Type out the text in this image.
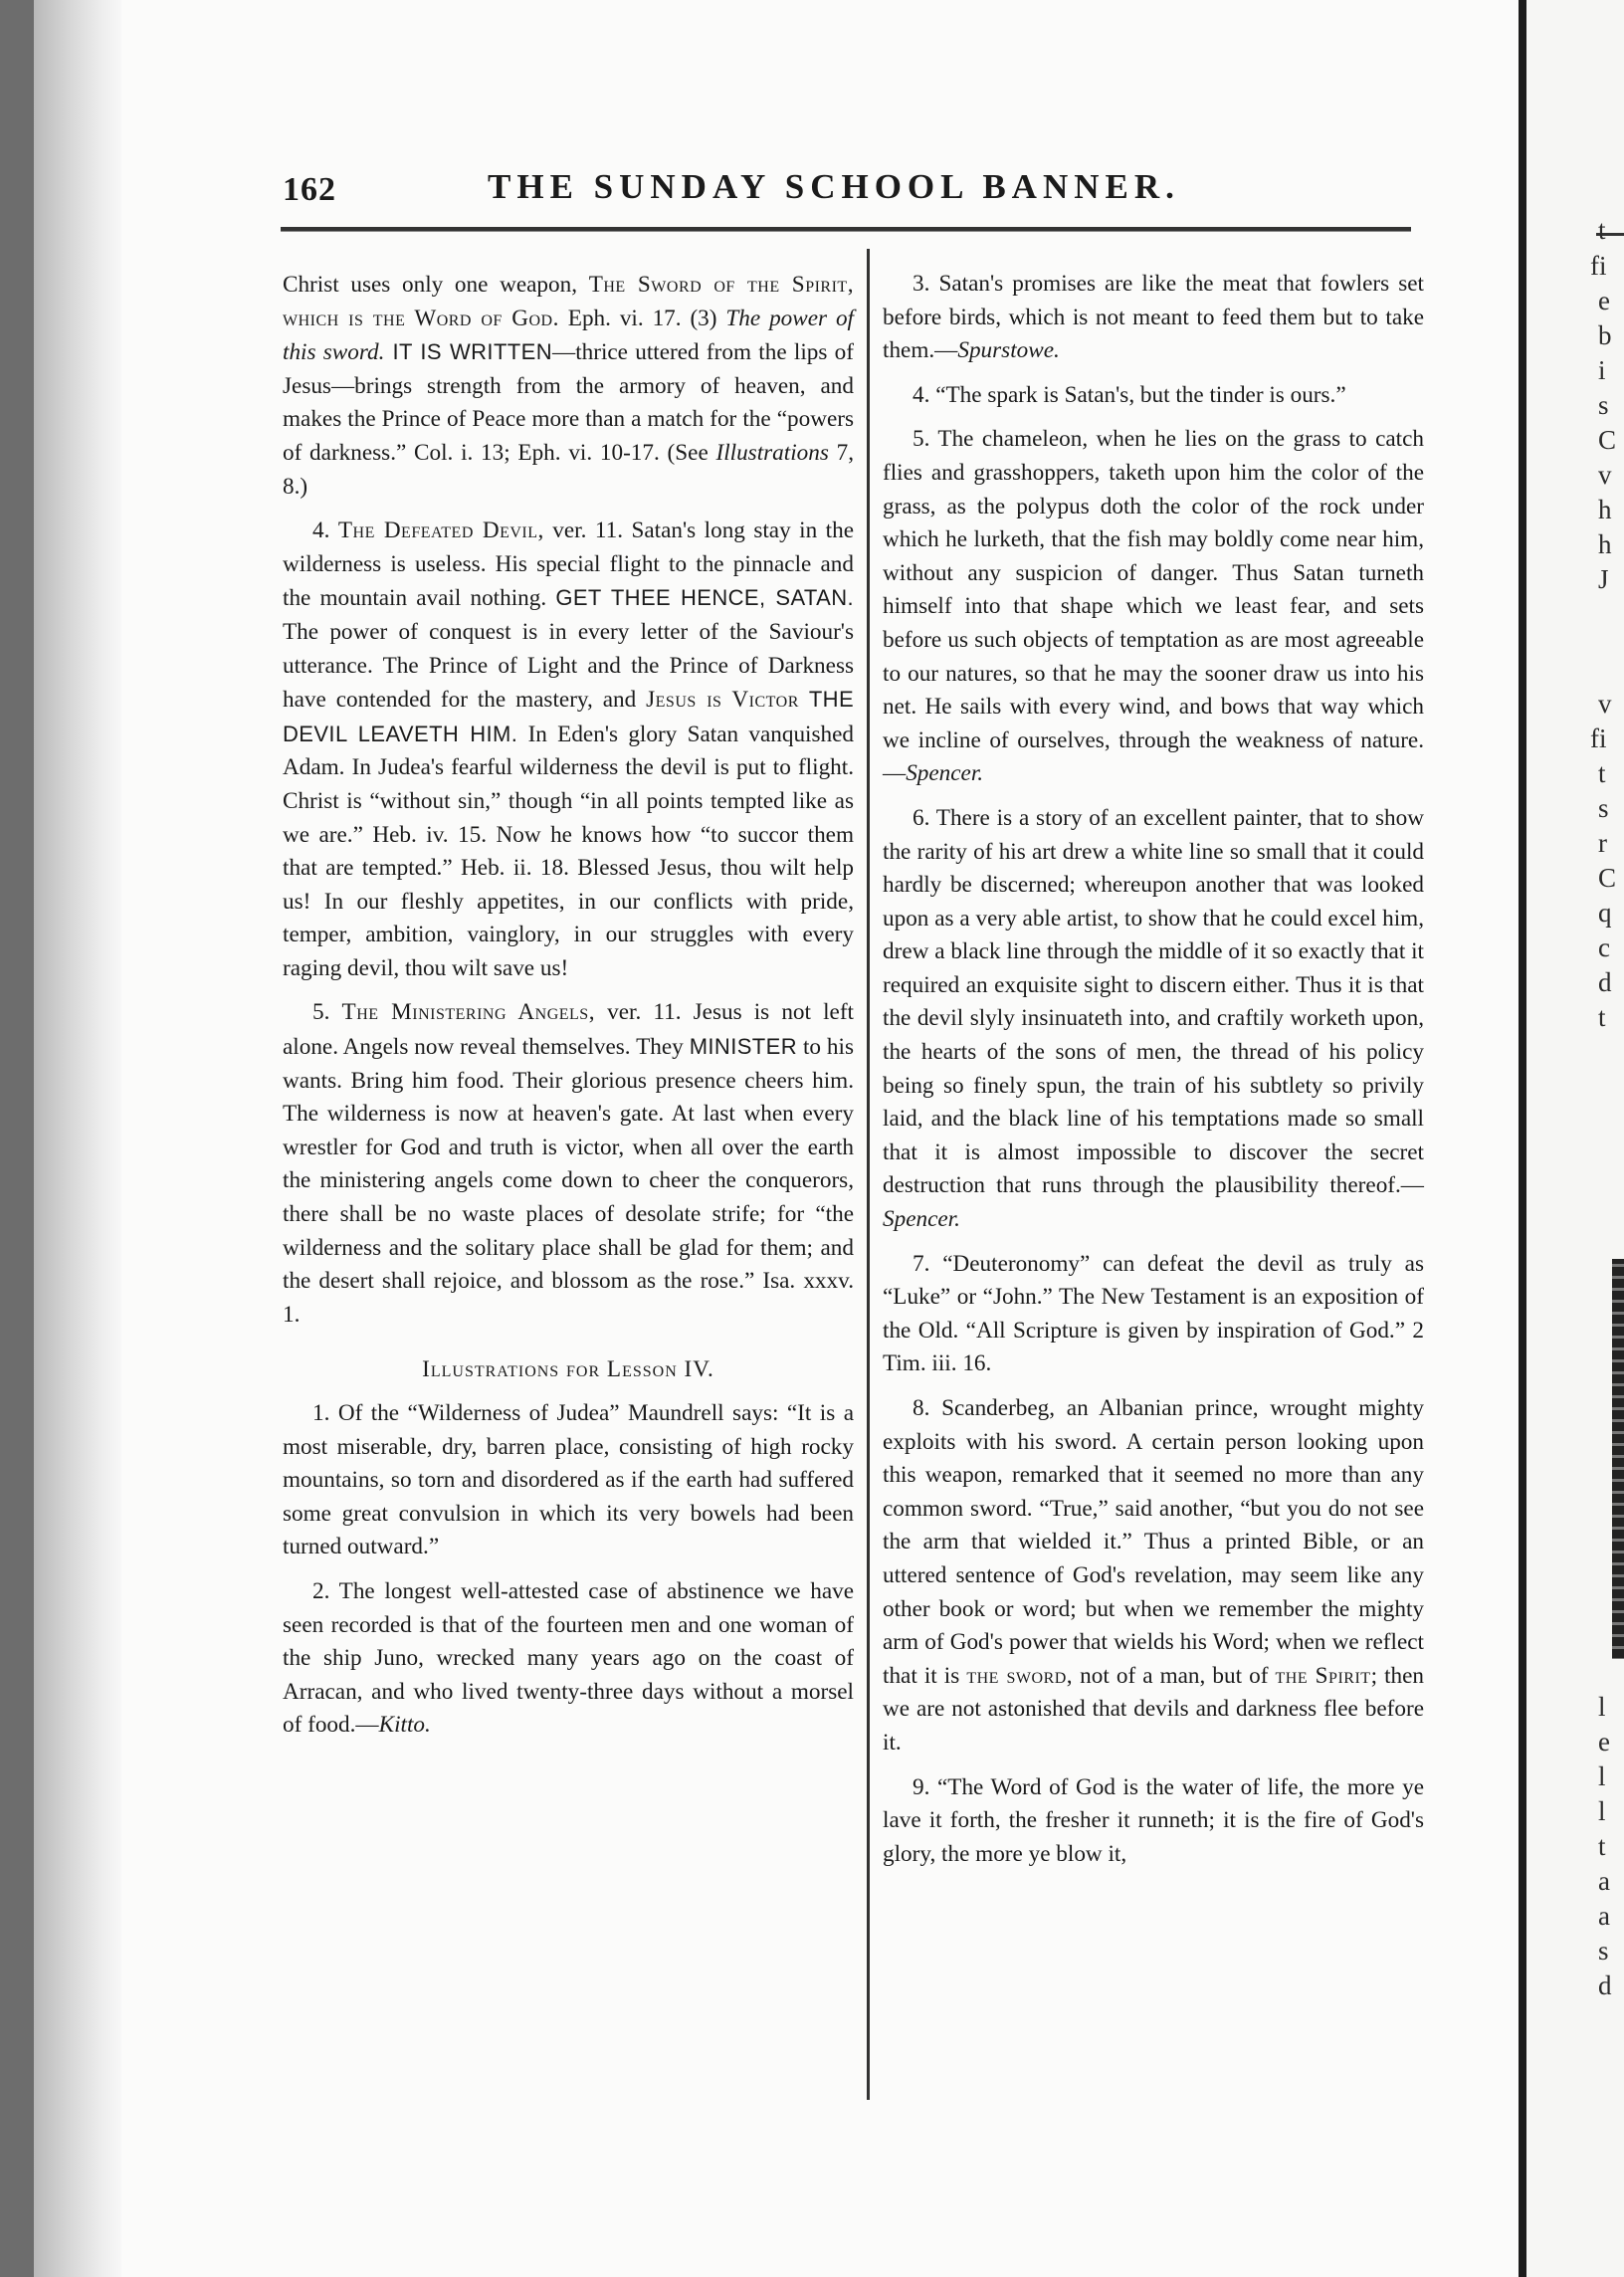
t
fi
e
b
i
s
C
v
h
h
J
v
fi
t
s
r
C
q
c
d
t
l
e
l
l
t
a
a
s
d
162	THE SUNDAY SCHOOL BANNER.

Christ uses only one weapon, The Sword of the Spirit, which is the Word of God. Eph. vi. 17. (3) The power of this sword. IT IS WRITTEN—thrice uttered from the lips of Jesus—brings strength from the armory of heaven, and makes the Prince of Peace more than a match for the “powers of darkness.” Col. i. 13; Eph. vi. 10-17. (See Illustrations 7, 8.)

4. The Defeated Devil, ver. 11. Satan's long stay in the wilderness is useless. His special flight to the pinnacle and the mountain avail nothing. GET THEE HENCE, SATAN. The power of conquest is in every letter of the Saviour's utterance. The Prince of Light and the Prince of Darkness have contended for the mastery, and Jesus is Victor THE DEVIL LEAVETH HIM. In Eden's glory Satan vanquished Adam. In Judea's fearful wilderness the devil is put to flight. Christ is “without sin,” though “in all points tempted like as we are.” Heb. iv. 15. Now he knows how “to succor them that are tempted.” Heb. ii. 18. Blessed Jesus, thou wilt help us! In our fleshly appetites, in our conflicts with pride, temper, ambition, vainglory, in our struggles with every raging devil, thou wilt save us!

5. The Ministering Angels, ver. 11. Jesus is not left alone. Angels now reveal themselves. They MINISTER to his wants. Bring him food. Their glorious presence cheers him. The wilderness is now at heaven's gate. At last when every wrestler for God and truth is victor, when all over the earth the ministering angels come down to cheer the conquerors, there shall be no waste places of desolate strife; for “the wilderness and the solitary place shall be glad for them; and the desert shall rejoice, and blossom as the rose.” Isa. xxxv. 1.

Illustrations for Lesson IV.

1. Of the “Wilderness of Judea” Maundrell says: “It is a most miserable, dry, barren place, consisting of high rocky mountains, so torn and disordered as if the earth had suffered some great convulsion in which its very bowels had been turned outward.”

2. The longest well-attested case of abstinence we have seen recorded is that of the fourteen men and one woman of the ship Juno, wrecked many years ago on the coast of Arracan, and who lived twenty-three days without a morsel of food.—Kitto.

3. Satan's promises are like the meat that fowlers set before birds, which is not meant to feed them but to take them.—Spurstowe.

4. “The spark is Satan's, but the tinder is ours.”

5. The chameleon, when he lies on the grass to catch flies and grasshoppers, taketh upon him the color of the grass, as the polypus doth the color of the rock under which he lurketh, that the fish may boldly come near him, without any suspicion of danger. Thus Satan turneth himself into that shape which we least fear, and sets before us such objects of temptation as are most agreeable to our natures, so that he may the sooner draw us into his net. He sails with every wind, and bows that way which we incline of ourselves, through the weakness of nature.—Spencer.

6. There is a story of an excellent painter, that to show the rarity of his art drew a white line so small that it could hardly be discerned; whereupon another that was looked upon as a very able artist, to show that he could excel him, drew a black line through the middle of it so exactly that it required an exquisite sight to discern either. Thus it is that the devil slyly insinuateth into, and craftily worketh upon, the hearts of the sons of men, the thread of his policy being so finely spun, the train of his subtlety so privily laid, and the black line of his temptations made so small that it is almost impossible to discover the secret destruction that runs through the plausibility thereof.—Spencer.

7. “Deuteronomy” can defeat the devil as truly as “Luke” or “John.” The New Testament is an exposition of the Old. “All Scripture is given by inspiration of God.” 2 Tim. iii. 16.

8. Scanderbeg, an Albanian prince, wrought mighty exploits with his sword. A certain person looking upon this weapon, remarked that it seemed no more than any common sword. “True,” said another, “but you do not see the arm that wielded it.” Thus a printed Bible, or an uttered sentence of God's revelation, may seem like any other book or word; but when we remember the mighty arm of God's power that wields his Word; when we reflect that it is the sword, not of a man, but of the Spirit; then we are not astonished that devils and darkness flee before it.

9. “The Word of God is the water of life, the more ye lave it forth, the fresher it runneth; it is the fire of God's glory, the more ye blow it,
